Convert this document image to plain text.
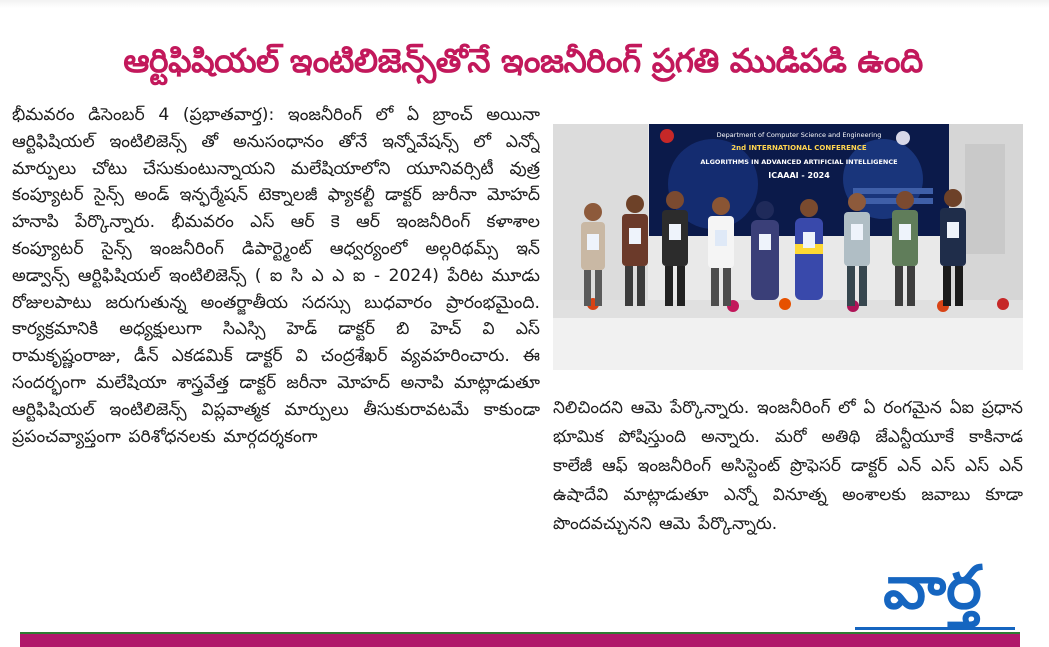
ఆర్టిఫిషియల్ ఇంటిలిజెన్స్‌తోనే ఇంజనీరింగ్ ప్రగతి ముడిపడి ఉంది

భీమవరం డిసెంబర్ 4 (ప్రభాతవార్త): ఇంజనీరింగ్ లో ఏ బ్రాంచ్ అయినా ఆర్టిఫిషియల్ ఇంటిలిజెన్స్ తో అనుసంధానం తోనే ఇన్నోవేషన్స్ లో ఎన్నో మార్పులు చోటు చేసుకుంటున్నాయని మలేషియాలోని యూనివర్సిటీ వుత్ర కంప్యూటర్ సైన్స్ అండ్ ఇన్ఫర్మేషన్ టెక్నాలజీ ఫ్యాకల్టీ డాక్టర్ జురీనా మోహద్ హనాపి పేర్కొన్నారు. భీమవరం ఎస్ ఆర్ కె ఆర్ ఇంజనీరింగ్ కళాశాల కంప్యూటర్ సైన్స్ ఇంజనీరింగ్ డిపార్ట్మెంట్ ఆధ్వర్యంలో అల్గరిథమ్స్ ఇన్ అడ్వాన్స్ ఆర్టిఫిషియల్ ఇంటిలిజెన్స్ ( ఐ సి ఎ ఎ ఐ - 2024) పేరిట మూడు రోజులపాటు జరుగుతున్న అంతర్జాతీయ సదస్సు బుధవారం ప్రారంభమైంది. కార్యక్రమానికి అధ్యక్షులుగా సిఎస్సి హెడ్ డాక్టర్ బి హెచ్ వి ఎస్ రామకృష్ణంరాజు, డీన్ ఎకడమిక్ డాక్టర్ వి చంద్రశేఖర్ వ్యవహరించారు. ఈ సందర్భంగా మలేషియా శాస్త్రవేత్త డాక్టర్ జరీనా మోహద్ అనాపి మాట్లాడుతూ ఆర్టిఫిషియల్ ఇంటిలిజెన్స్ విప్లవాత్మక మార్పులు తీసుకురావటమే కాకుండా ప్రపంచవ్యాప్తంగా పరిశోధనలకు మార్గదర్శకంగా

Department of Computer Science and Engineering
2nd INTERNATIONAL CONFERENCE
ALGORITHMS IN ADVANCED ARTIFICIAL INTELLIGENCE
ICAAAI - 2024

నిలిచిందని ఆమె పేర్కొన్నారు. ఇంజనీరింగ్ లో ఏ రంగమైన ఏఐ ప్రధాన భూమిక పోషిస్తుంది అన్నారు. మరో అతిథి జేఎన్టీయూకే కాకినాడ కాలేజీ ఆఫ్ ఇంజనీరింగ్ అసిస్టెంట్ ప్రొఫెసర్ డాక్టర్ ఎన్ ఎస్ ఎస్ ఎన్ ఉషాదేవి మాట్లాడుతూ ఎన్నో వినూత్న అంశాలకు జవాబు కూడా పొందవచ్చునని ఆమె పేర్కొన్నారు.

వార్త
